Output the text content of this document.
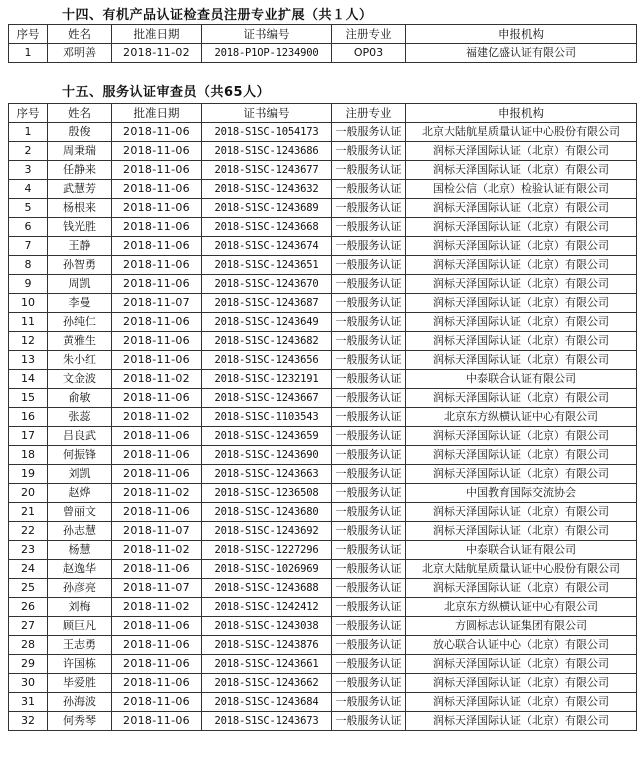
十四、有机产品认证检查员注册专业扩展（共１人）
序号	姓名	批准日期	证书编号	注册专业	申报机构
1	邓明善	2018-11-02	2018-P1OP-1234900	OP03	福建亿盛认证有限公司
十五、服务认证审查员（共65人）
序号	姓名	批准日期	证书编号	注册专业	申报机构
1	殷俊	2018-11-06	2018-S1SC-1054173	一般服务认证	北京大陆航星质量认证中心股份有限公司
2	周秉瑞	2018-11-06	2018-S1SC-1243686	一般服务认证	润标天泽国际认证（北京）有限公司
3	任静来	2018-11-06	2018-S1SC-1243677	一般服务认证	润标天泽国际认证（北京）有限公司
4	武慧芳	2018-11-06	2018-S1SC-1243632	一般服务认证	国检公信（北京）检验认证有限公司
5	杨根来	2018-11-06	2018-S1SC-1243689	一般服务认证	润标天泽国际认证（北京）有限公司
6	钱光胜	2018-11-06	2018-S1SC-1243668	一般服务认证	润标天泽国际认证（北京）有限公司
7	王静	2018-11-06	2018-S1SC-1243674	一般服务认证	润标天泽国际认证（北京）有限公司
8	孙智勇	2018-11-06	2018-S1SC-1243651	一般服务认证	润标天泽国际认证（北京）有限公司
9	周凯	2018-11-06	2018-S1SC-1243670	一般服务认证	润标天泽国际认证（北京）有限公司
10	李曼	2018-11-07	2018-S1SC-1243687	一般服务认证	润标天泽国际认证（北京）有限公司
11	孙纯仁	2018-11-06	2018-S1SC-1243649	一般服务认证	润标天泽国际认证（北京）有限公司
12	黄雅生	2018-11-06	2018-S1SC-1243682	一般服务认证	润标天泽国际认证（北京）有限公司
13	朱小红	2018-11-06	2018-S1SC-1243656	一般服务认证	润标天泽国际认证（北京）有限公司
14	文金波	2018-11-02	2018-S1SC-1232191	一般服务认证	中泰联合认证有限公司
15	俞敏	2018-11-06	2018-S1SC-1243667	一般服务认证	润标天泽国际认证（北京）有限公司
16	张蕊	2018-11-02	2018-S1SC-1103543	一般服务认证	北京东方纵横认证中心有限公司
17	吕良武	2018-11-06	2018-S1SC-1243659	一般服务认证	润标天泽国际认证（北京）有限公司
18	何振锋	2018-11-06	2018-S1SC-1243690	一般服务认证	润标天泽国际认证（北京）有限公司
19	刘凯	2018-11-06	2018-S1SC-1243663	一般服务认证	润标天泽国际认证（北京）有限公司
20	赵烨	2018-11-02	2018-S1SC-1236508	一般服务认证	中国教育国际交流协会
21	曾丽文	2018-11-06	2018-S1SC-1243680	一般服务认证	润标天泽国际认证（北京）有限公司
22	孙志慧	2018-11-07	2018-S1SC-1243692	一般服务认证	润标天泽国际认证（北京）有限公司
23	杨慧	2018-11-02	2018-S1SC-1227296	一般服务认证	中泰联合认证有限公司
24	赵逸华	2018-11-06	2018-S1SC-1026969	一般服务认证	北京大陆航星质量认证中心股份有限公司
25	孙彦亮	2018-11-07	2018-S1SC-1243688	一般服务认证	润标天泽国际认证（北京）有限公司
26	刘梅	2018-11-02	2018-S1SC-1242412	一般服务认证	北京东方纵横认证中心有限公司
27	顾巨凡	2018-11-06	2018-S1SC-1243038	一般服务认证	方圆标志认证集团有限公司
28	王志勇	2018-11-06	2018-S1SC-1243876	一般服务认证	放心联合认证中心（北京）有限公司
29	许国栋	2018-11-06	2018-S1SC-1243661	一般服务认证	润标天泽国际认证（北京）有限公司
30	毕爱胜	2018-11-06	2018-S1SC-1243662	一般服务认证	润标天泽国际认证（北京）有限公司
31	孙海波	2018-11-06	2018-S1SC-1243684	一般服务认证	润标天泽国际认证（北京）有限公司
32	何秀琴	2018-11-06	2018-S1SC-1243673	一般服务认证	润标天泽国际认证（北京）有限公司
